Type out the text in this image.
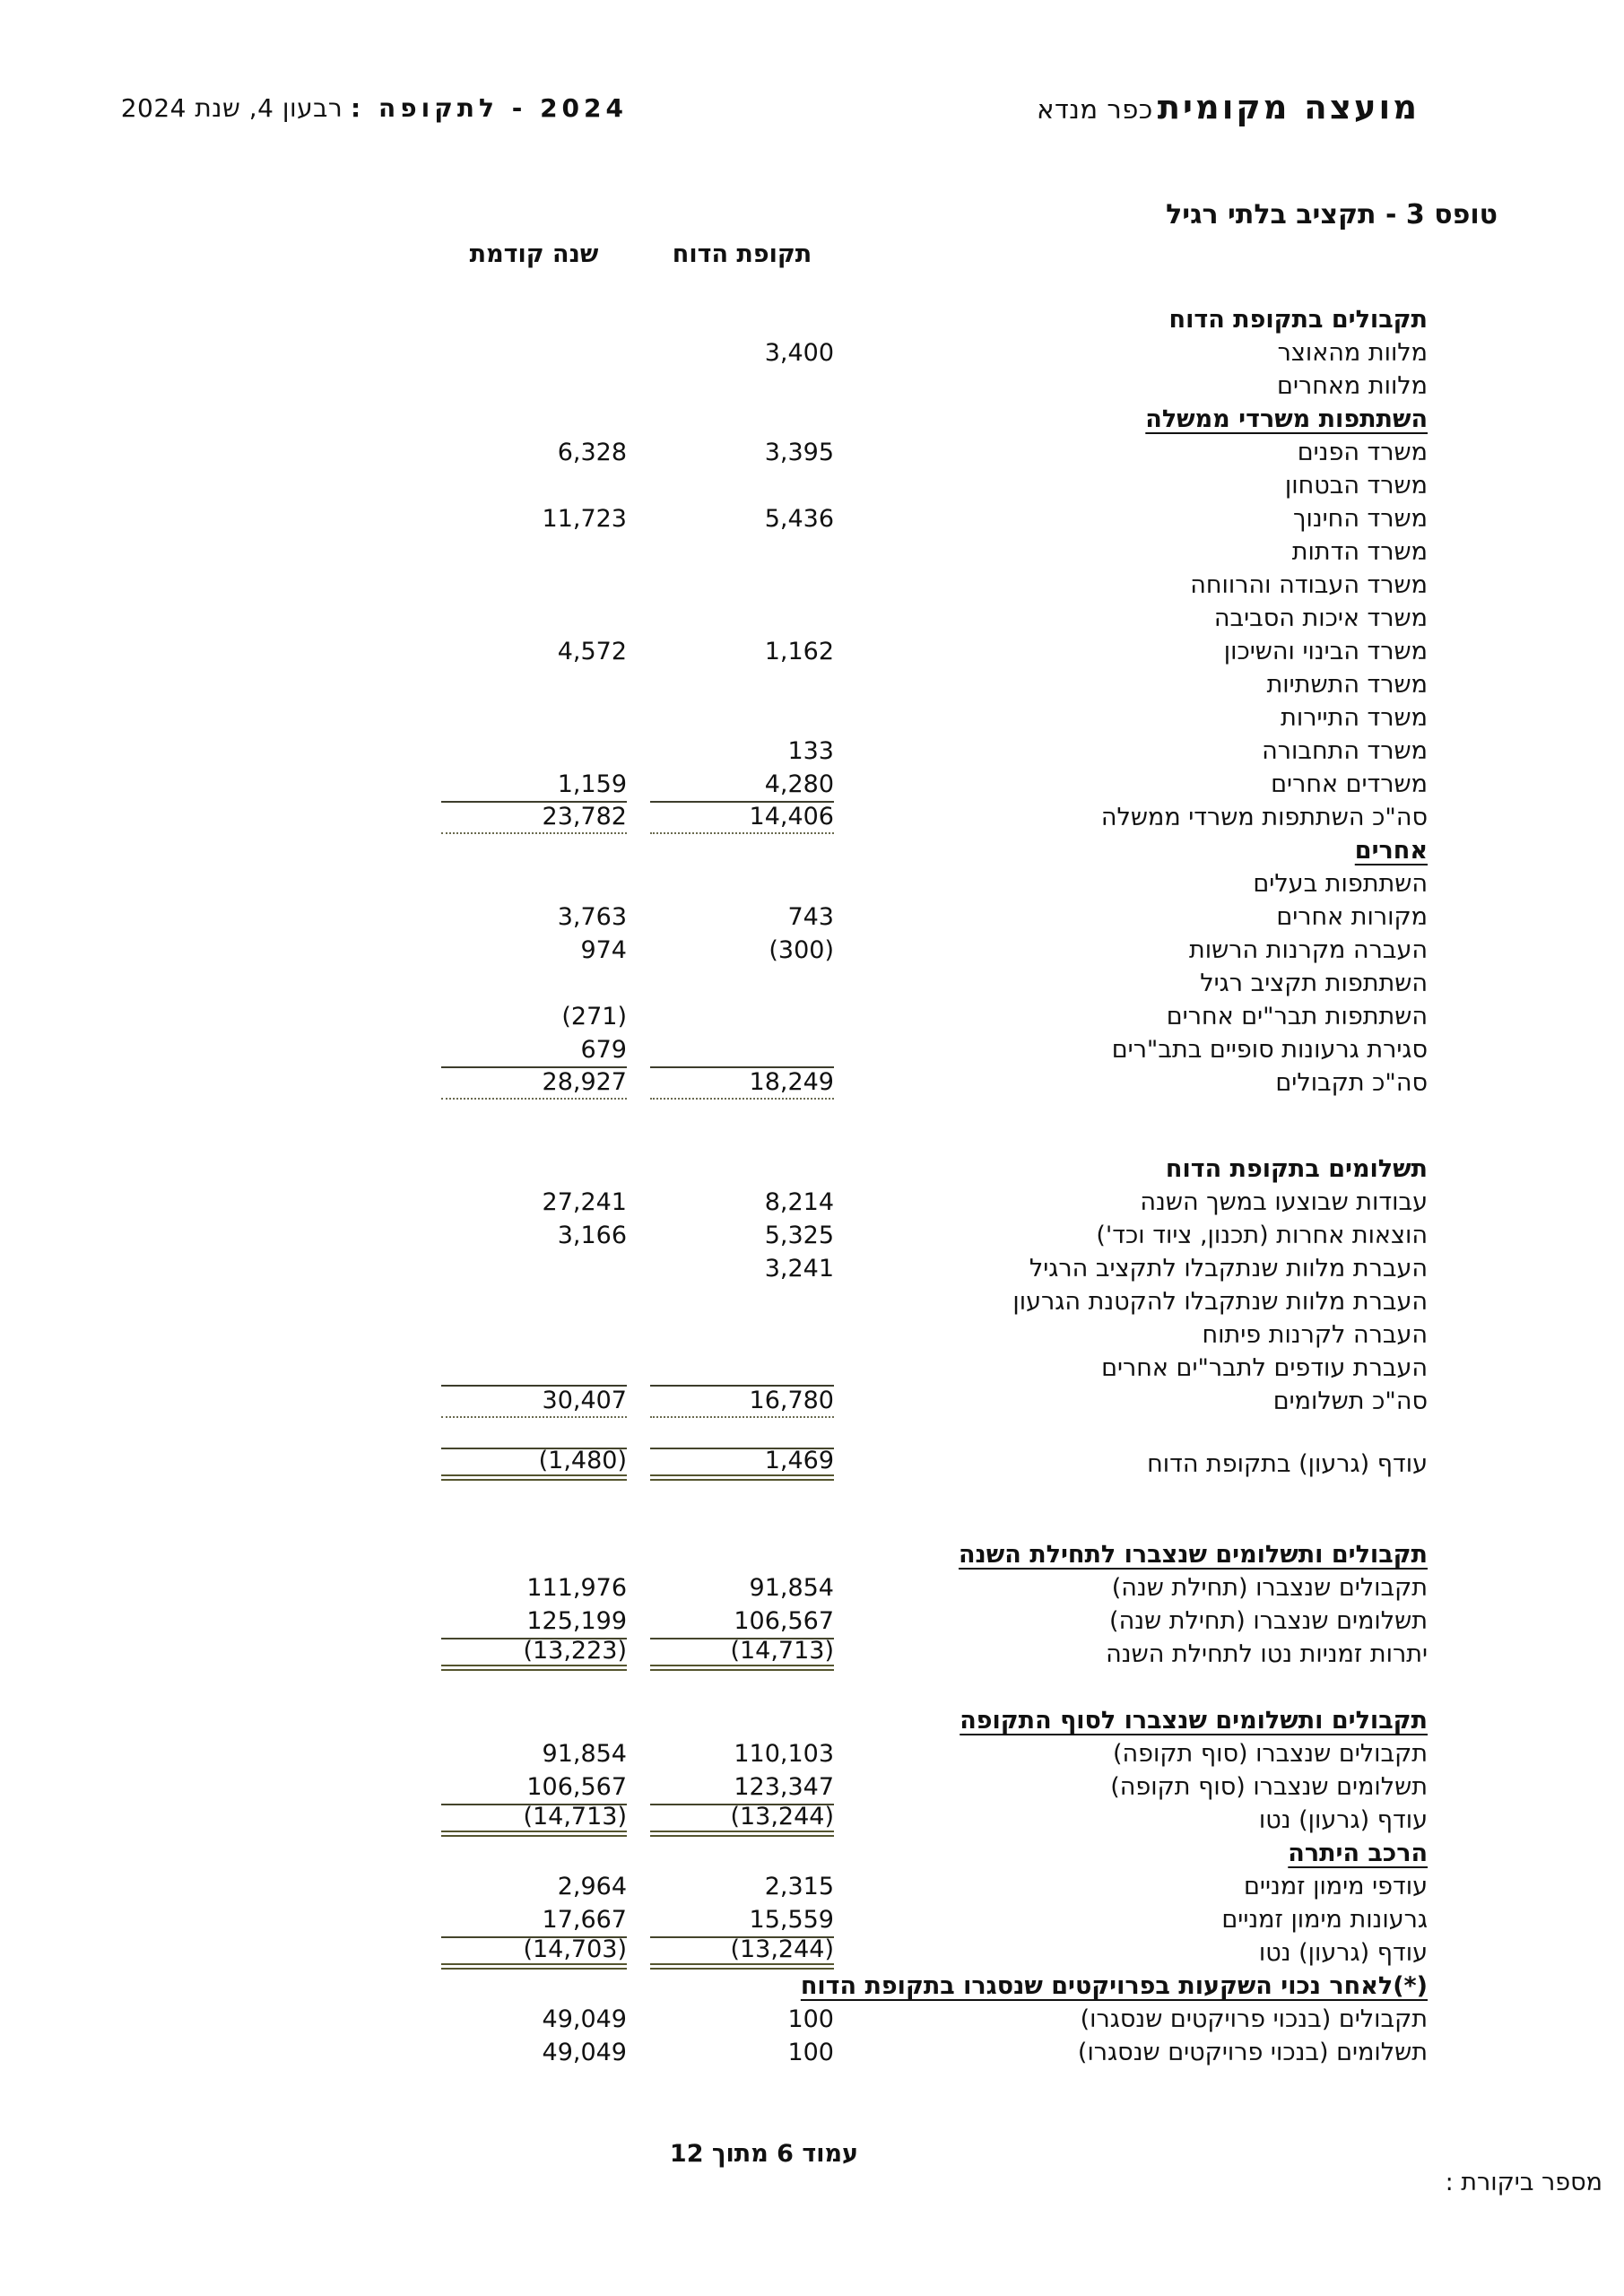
מועצה מקומית כפר מנדא
2024 - לתקופה : רבעון 4, שנת 2024
טופס 3 - תקציב בלתי רגיל
תקופת הדוח
שנה קודמת
תקבולים בתקופת הדוח
מלוות מהאוצר
3,400
מלוות מאחרים
השתתפות משרדי ממשלה
משרד הפנים
3,395
6,328
משרד הבטחון
משרד החינוך
5,436
11,723
משרד הדתות
משרד העבודה והרווחה
משרד איכות הסביבה
משרד הבינוי והשיכון
1,162
4,572
משרד התשתיות
משרד התיירות
משרד התחבורה
133
משרדים אחרים
4,280
1,159
סה"כ השתתפות משרדי ממשלה
14,406
23,782
אחרים
השתתפות בעלים
מקורות אחרים
743
3,763
העברה מקרנות הרשות
(300)
974
השתתפות תקציב רגיל
השתתפות תבר"ים אחרים
(271)
סגירת גרעונות סופיים בתב"רים
679
סה"כ תקבולים
18,249
28,927
תשלומים בתקופת הדוח
עבודות שבוצעו במשך השנה
8,214
27,241
הוצאות אחרות (תכנון, ציוד וכד')
5,325
3,166
העברת מלוות שנתקבלו לתקציב הרגיל
3,241
העברת מלוות שנתקבלו להקטנת הגרעון
העברה לקרנות פיתוח
העברת עודפים לתבר"ים אחרים
סה"כ תשלומים
16,780
30,407
עודף (גרעון) בתקופת הדוח
1,469
(1,480)
תקבולים ותשלומים שנצברו לתחילת השנה
תקבולים שנצברו (תחילת שנה)
91,854
111,976
תשלומים שנצברו (תחילת שנה)
106,567
125,199
יתרות זמניות נטו לתחילת השנה
(14,713)
(13,223)
תקבולים ותשלומים שנצברו לסוף התקופה
תקבולים שנצברו (סוף תקופה)
110,103
91,854
תשלומים שנצברו (סוף תקופה)
123,347
106,567
עודף (גרעון) נטו
(13,244)
(14,713)
הרכב היתרה
עודפי מימון זמניים
2,315
2,964
גרעונות מימון זמניים
15,559
17,667
עודף (גרעון) נטו
(13,244)
(14,703)
(*)לאחר נכוי השקעות בפרויקטים שנסגרו בתקופת הדוח
תקבולים (בנכוי פרויקטים שנסגרו)
100
49,049
תשלומים (בנכוי פרויקטים שנסגרו)
100
49,049
עמוד 6 מתוך 12
מספר ביקורת :
